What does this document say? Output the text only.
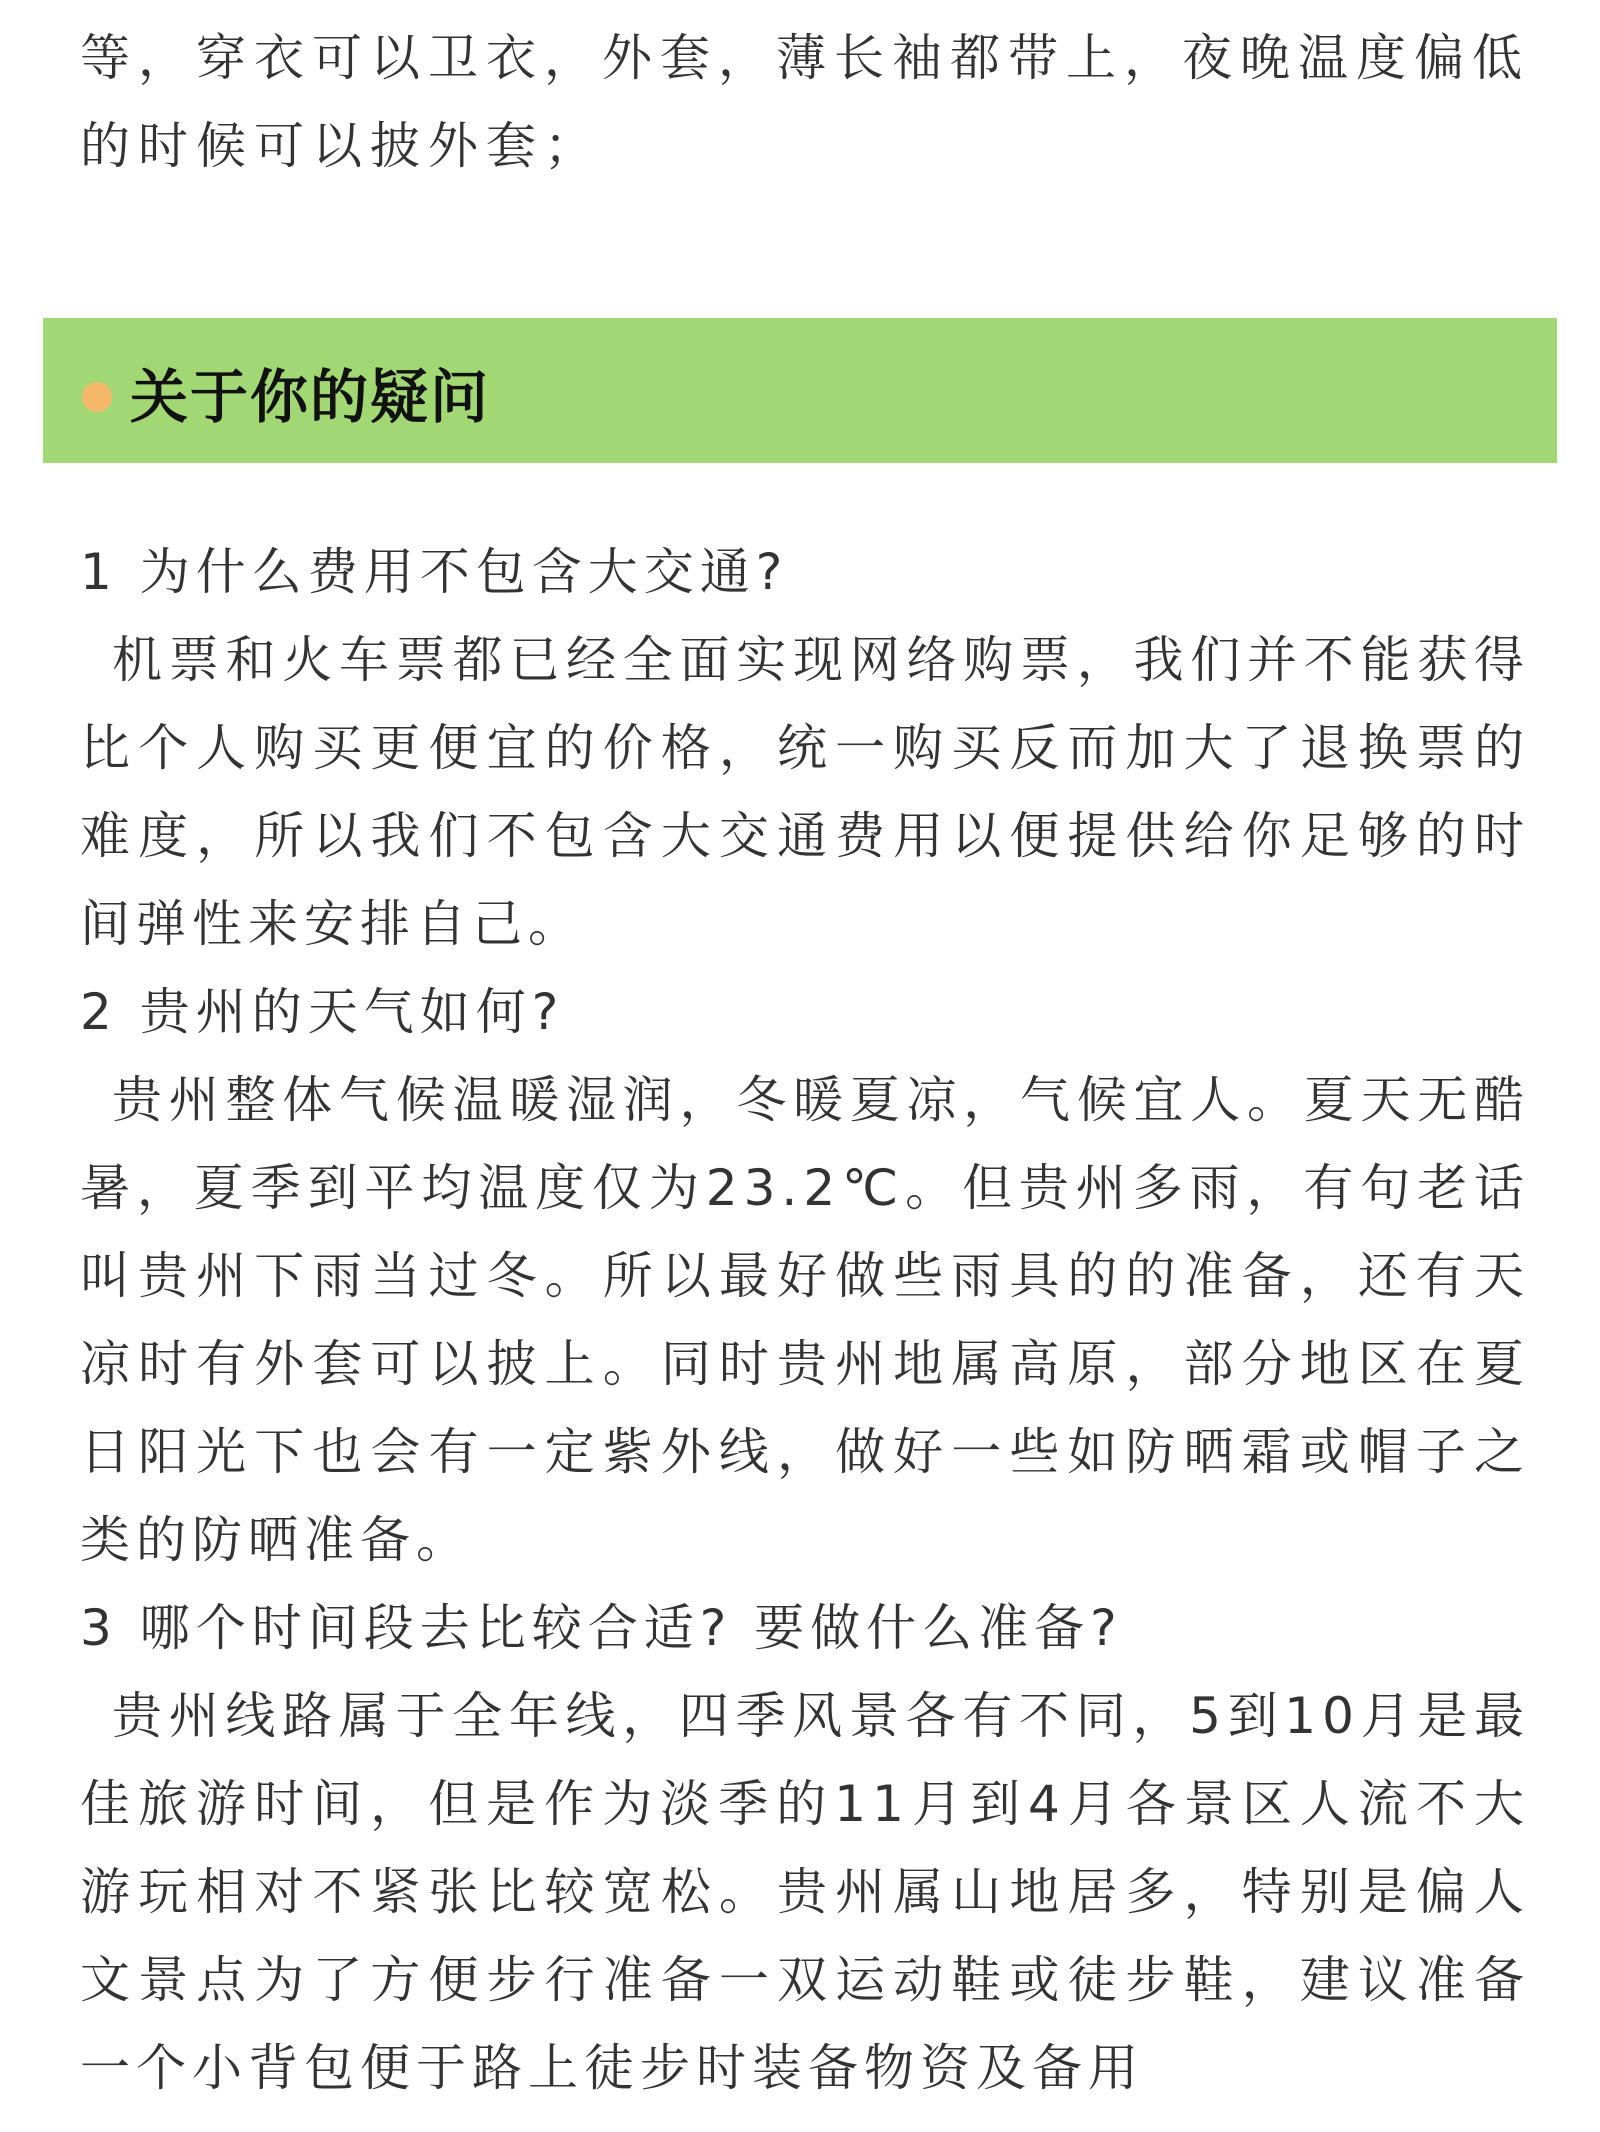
等，穿衣可以卫衣，外套，薄长袖都带上，夜晚温度偏低的时候可以披外套；
关于你的疑问

1 为什么费用不包含大交通?

机票和火车票都已经全面实现网络购票，我们并不能获得比个人购买更便宜的价格，统一购买反而加大了退换票的难度，所以我们不包含大交通费用以便提供给你足够的时间弹性来安排自己。

2 贵州的天气如何?

贵州整体气候温暖湿润，冬暖夏凉，气候宜人。夏天无酷暑，夏季到平均温度仅为23.2℃。但贵州多雨，有句老话叫贵州下雨当过冬。所以最好做些雨具的的准备，还有天凉时有外套可以披上。同时贵州地属高原，部分地区在夏日阳光下也会有一定紫外线，做好一些如防晒霜或帽子之类的防晒准备。

3 哪个时间段去比较合适? 要做什么准备?

贵州线路属于全年线，四季风景各有不同，5到10月是最佳旅游时间，但是作为淡季的11月到4月各景区人流不大游玩相对不紧张比较宽松。贵州属山地居多，特别是偏人文景点为了方便步行准备一双运动鞋或徒步鞋，建议准备一个小背包便于路上徒步时装备物资及备用
